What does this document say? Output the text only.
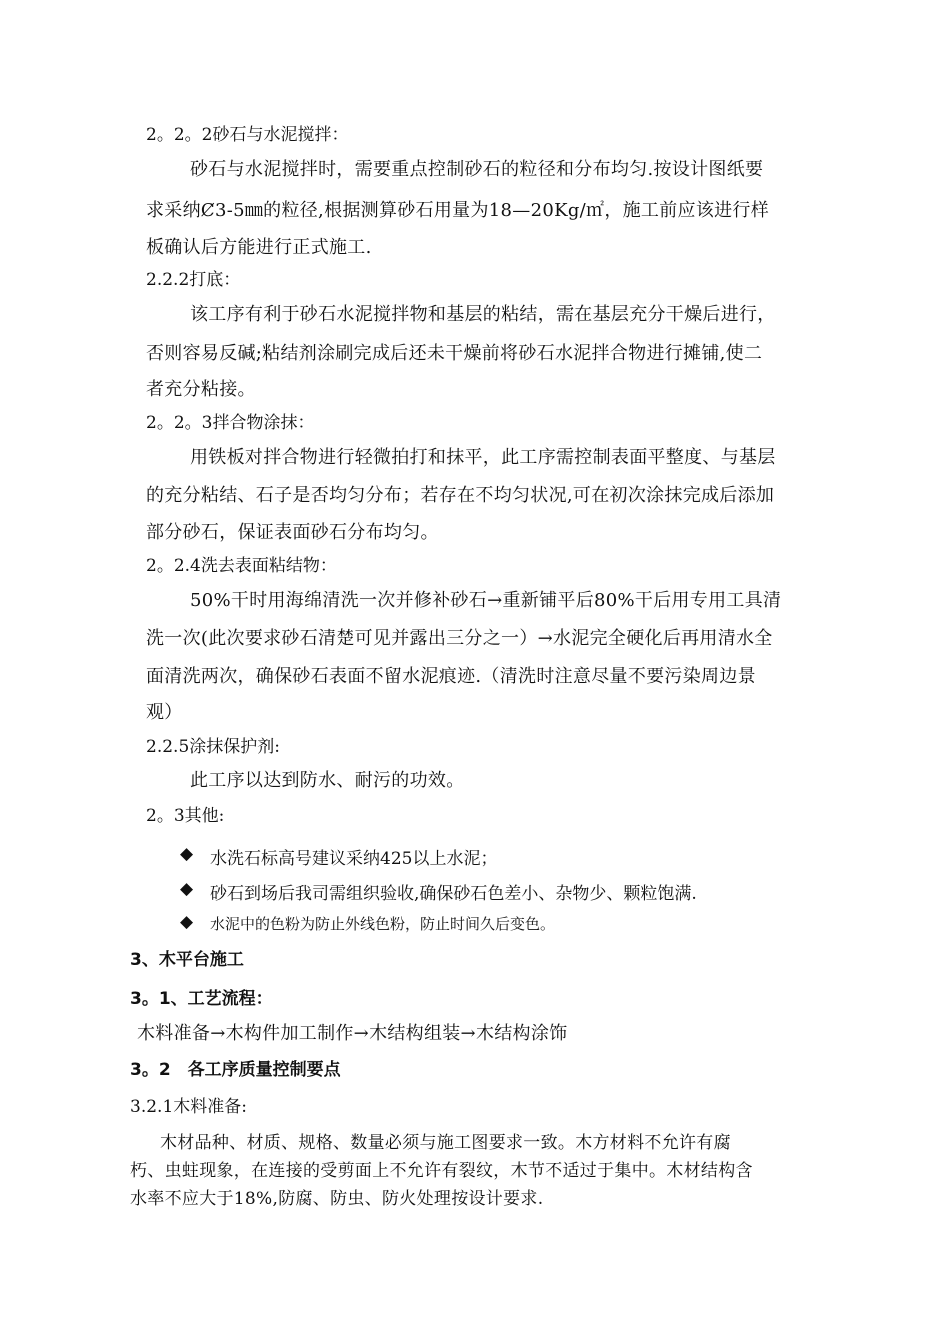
2。2。2砂石与水泥搅拌：
砂石与水泥搅拌时，需要重点控制砂石的粒径和分布均匀.按设计图纸要
求采纳Ȼ3-5㎜的粒径,根据测算砂石用量为18—20Kg/㎡，施工前应该进行样
板确认后方能进行正式施工.
2.2.2打底：
该工序有利于砂石水泥搅拌物和基层的粘结，需在基层充分干燥后进行，
否则容易反碱;粘结剂涂刷完成后还未干燥前将砂石水泥拌合物进行摊铺,使二
者充分粘接。
2。2。3拌合物涂抹：
用铁板对拌合物进行轻微拍打和抹平，此工序需控制表面平整度、与基层
的充分粘结、石子是否均匀分布；若存在不均匀状况,可在初次涂抹完成后添加
部分砂石，保证表面砂石分布均匀。
2。2.4洗去表面粘结物：
50%干时用海绵清洗一次并修补砂石→重新铺平后80%干后用专用工具清
洗一次(此次要求砂石清楚可见并露出三分之一）→水泥完全硬化后再用清水全
面清洗两次，确保砂石表面不留水泥痕迹.（清洗时注意尽量不要污染周边景
观）
2.2.5涂抹保护剂:
此工序以达到防水、耐污的功效。
2。3其他:
◆ 水洗石标高号建议采纳425以上水泥；
◆ 砂石到场后我司需组织验收,确保砂石色差小、杂物少、颗粒饱满.
◆ 水泥中的色粉为防止外线色粉，防止时间久后变色。
3、木平台施工
3。1、工艺流程：
木料准备→木构件加工制作→木结构组装→木结构涂饰
3。2　各工序质量控制要点
3.2.1木料准备:
木材品种、材质、规格、数量必须与施工图要求一致。木方材料不允许有腐
朽、虫蛀现象，在连接的受剪面上不允许有裂纹，木节不适过于集中。木材结构含
水率不应大于18%,防腐、防虫、防火处理按设计要求.
